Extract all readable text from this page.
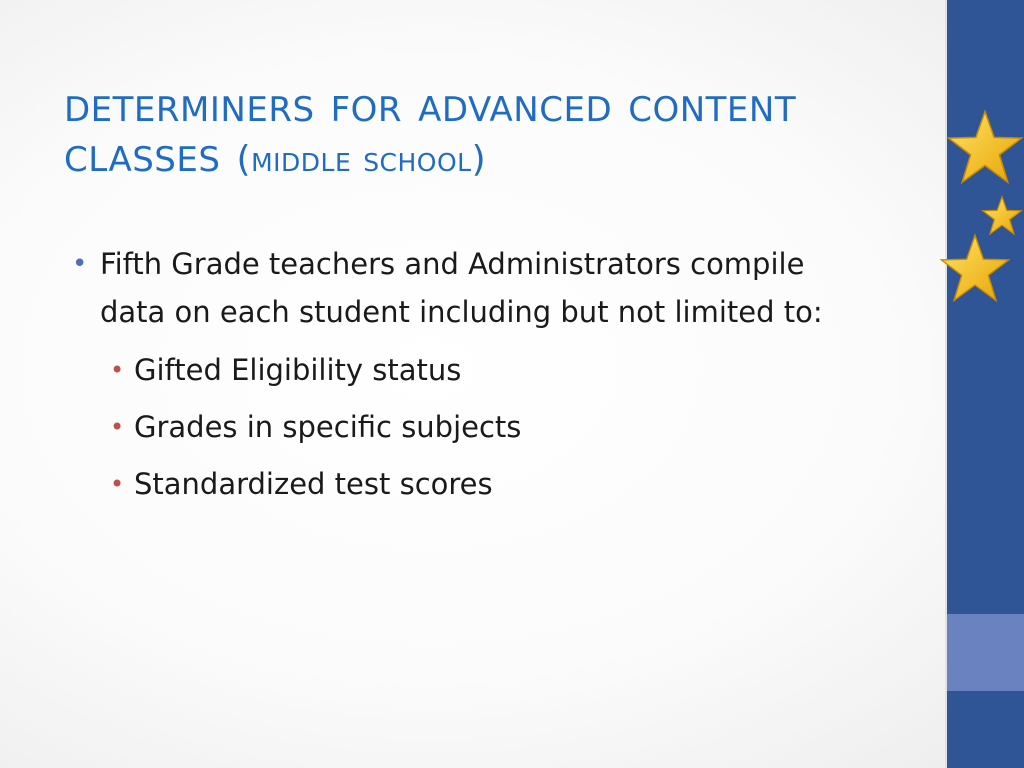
determiners for advanced content classes (middle school)
• Fifth Grade teachers and Administrators compile data on each student including but not limited to:
• Gifted Eligibility status
• Grades in specific subjects
• Standardized test scores
